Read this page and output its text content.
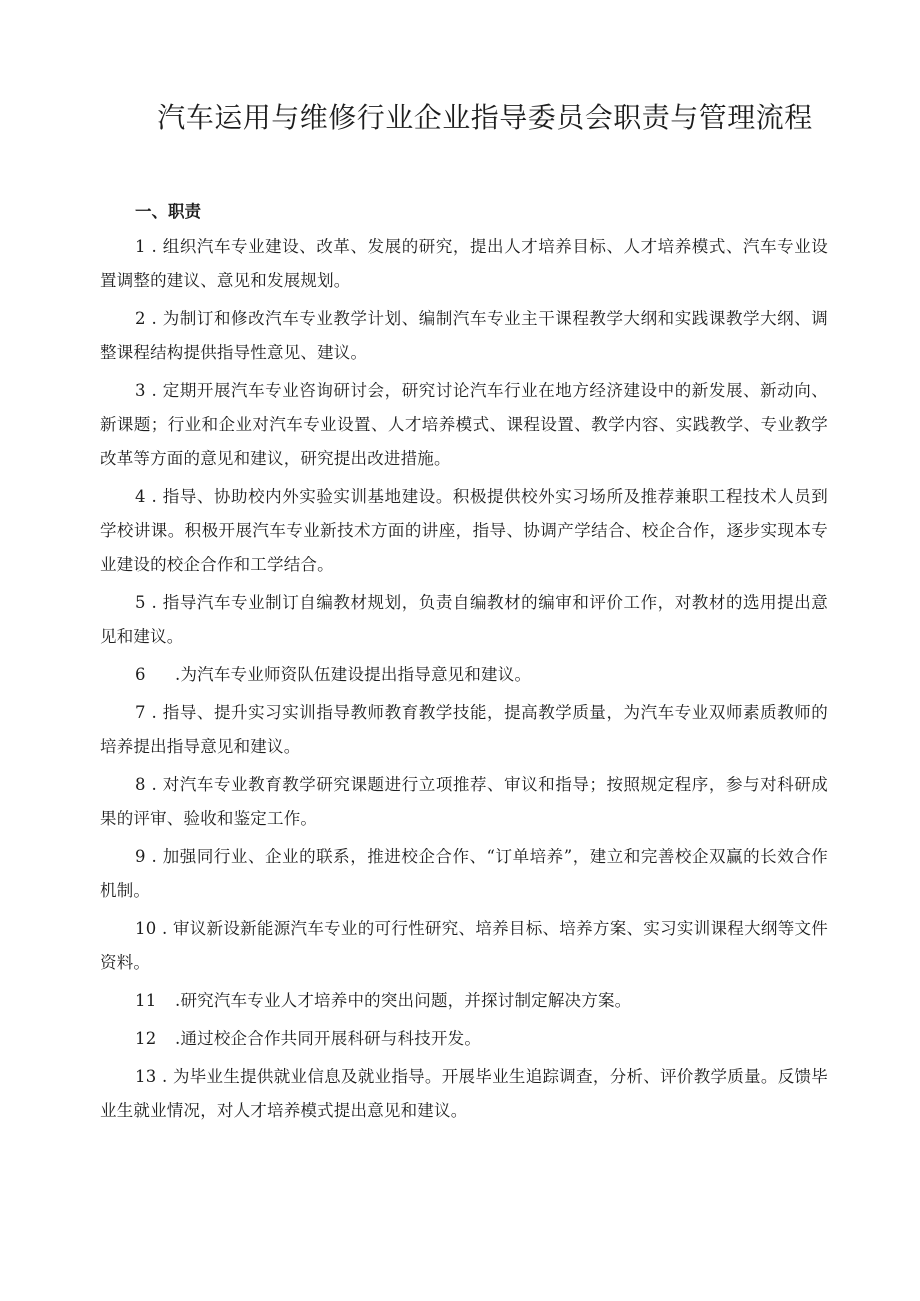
汽车运用与维修行业企业指导委员会职责与管理流程
一、职责
1 . 组织汽车专业建设、改革、发展的研究，提出人才培养目标、人才培养模式、汽车专业设置调整的建议、意见和发展规划。
2 . 为制订和修改汽车专业教学计划、编制汽车专业主干课程教学大纲和实践课教学大纲、调整课程结构提供指导性意见、建议。
3 . 定期开展汽车专业咨询研讨会，研究讨论汽车行业在地方经济建设中的新发展、新动向、新课题；行业和企业对汽车专业设置、人才培养模式、课程设置、教学内容、实践教学、专业教学改革等方面的意见和建议，研究提出改进措施。
4 . 指导、协助校内外实验实训基地建设。积极提供校外实习场所及推荐兼职工程技术人员到学校讲课。积极开展汽车专业新技术方面的讲座，指导、协调产学结合、校企合作，逐步实现本专业建设的校企合作和工学结合。
5 . 指导汽车专业制订自编教材规划，负责自编教材的编审和评价工作，对教材的选用提出意见和建议。
6 .为汽车专业师资队伍建设提出指导意见和建议。
7 . 指导、提升实习实训指导教师教育教学技能，提高教学质量，为汽车专业双师素质教师的培养提出指导意见和建议。
8 . 对汽车专业教育教学研究课题进行立项推荐、审议和指导；按照规定程序，参与对科研成果的评审、验收和鉴定工作。
9 . 加强同行业、企业的联系，推进校企合作、“订单培养”，建立和完善校企双赢的长效合作机制。
10 . 审议新设新能源汽车专业的可行性研究、培养目标、培养方案、实习实训课程大纲等文件资料。
11 .研究汽车专业人才培养中的突出问题，并探讨制定解决方案。
12 .通过校企合作共同开展科研与科技开发。
13 . 为毕业生提供就业信息及就业指导。开展毕业生追踪调查，分析、评价教学质量。反馈毕业生就业情况，对人才培养模式提出意见和建议。
